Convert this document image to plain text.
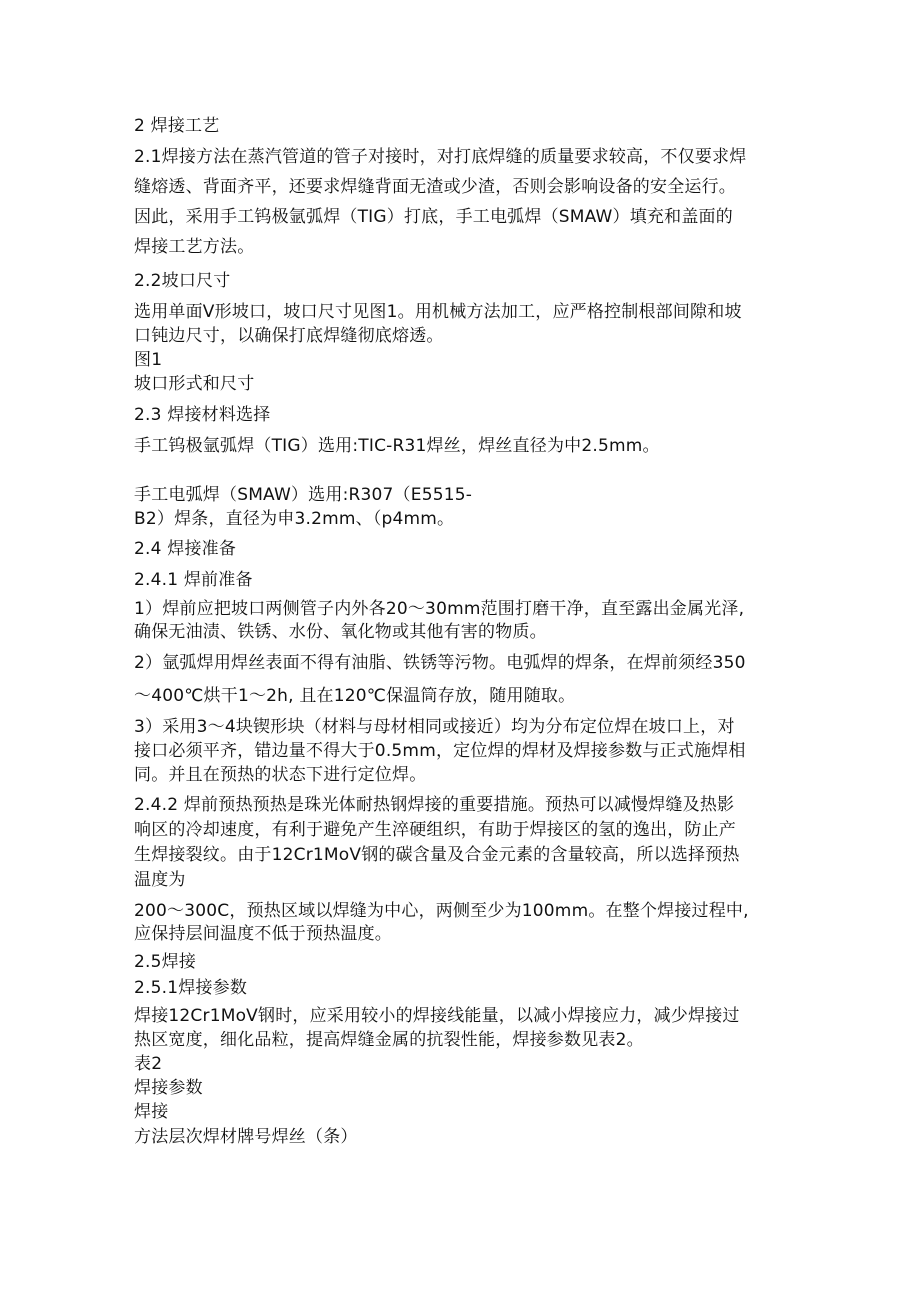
2 焊接工艺
2.1焊接方法在蒸汽管道的管子对接时，对打底焊缝的质量要求较高，不仅要求焊
缝熔透、背面齐平，还要求焊缝背面无渣或少渣，否则会影响设备的安全运行。
因此，采用手工钨极氩弧焊（TIG）打底，手工电弧焊（SMAW）填充和盖面的
焊接工艺方法。
2.2坡口尺寸
选用单面V形坡口，坡口尺寸见图1。用机械方法加工，应严格控制根部间隙和坡
口钝边尺寸，以确保打底焊缝彻底熔透。
图1
坡口形式和尺寸
2.3 焊接材料选择
手工钨极氩弧焊（TIG）选用:TIC-R31焊丝，焊丝直径为中2.5mm。
手工电弧焊（SMAW）选用:R307（E5515-
B2）焊条，直径为申3.2mm、（p4mm。
2.4 焊接准备
2.4.1 焊前准备
1）焊前应把坡口两侧管子内外各20～30mm范围打磨干净，直至露出金属光泽,
确保无油渍、铁锈、水份、氧化物或其他有害的物质。
2）氩弧焊用焊丝表面不得有油脂、铁锈等污物。电弧焊的焊条，在焊前须经350
～400℃烘干1～2h, 且在120℃保温筒存放，随用随取。
3）采用3～4块锲形块（材料与母材相同或接近）均为分布定位焊在坡口上，对
接口必须平齐，错边量不得大于0.5mm，定位焊的焊材及焊接参数与正式施焊相
同。并且在预热的状态下进行定位焊。
2.4.2 焊前预热预热是珠光体耐热钢焊接的重要措施。预热可以减慢焊缝及热影
响区的冷却速度，有利于避免产生淬硬组织，有助于焊接区的氢的逸出，防止产
生焊接裂纹。由于12Cr1MoV钢的碳含量及合金元素的含量较高，所以选择预热
温度为
200～300C，预热区域以焊缝为中心，两侧至少为100mm。在整个焊接过程中,
应保持层间温度不低于预热温度。
2.5焊接
2.5.1焊接参数
焊接12Cr1MoV钢时，应采用较小的焊接线能量，以减小焊接应力，减少焊接过
热区宽度，细化品粒，提高焊缝金属的抗裂性能，焊接参数见表2。
表2
焊接参数
焊接
方法层次焊材牌号焊丝（条）
